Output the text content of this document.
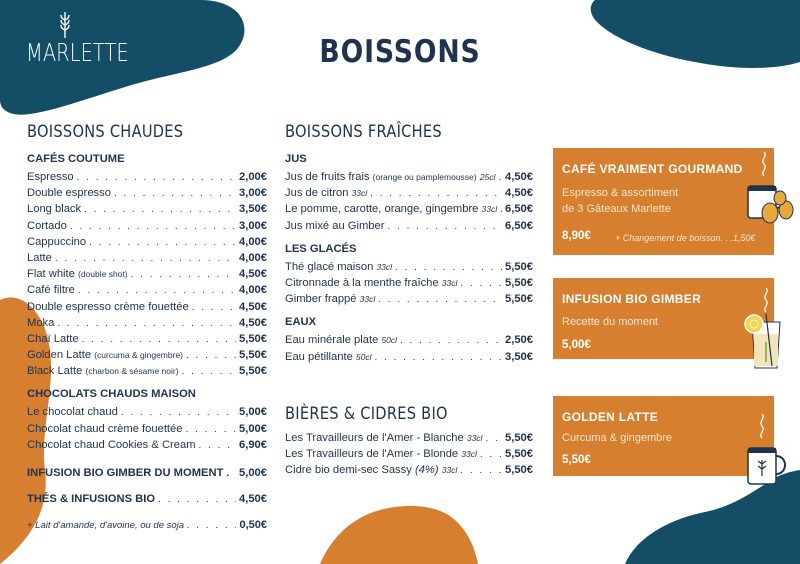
MARLETTE	BOISSONS
BOISSONS CHAUDES
CAFÉS COUTUME
Espresso . . .	2,00€
Double espresso . . .	3,00€
Long black . . .	3,50€
Cortado . . .	3,00€
Cappuccino . . .	4,00€
Latte . . .	4,00€
Flat white (double shot) . . .	4,50€
Café filtre . . .	4,00€
Double espresso crème fouettée . . .	4,50€
Moka . . .	4,50€
Chaï Latte . . .	5,50€
Golden Latte (curcuma & gingembre) . . .	5,50€
Black Latte (charbon & sésame noir) . . .	5,50€
CHOCOLATS CHAUDS MAISON
Le chocolat chaud . . .	5,00€
Chocolat chaud crème fouettée . . .	5,00€
Chocolat chaud Cookies & Cream . . .	6,90€
INFUSION BIO GIMBER DU MOMENT . . . 5,00€
THÉS & INFUSIONS BIO . . .	4,50€
+ Lait d'amande, d'avoine, ou de soja . . .	0,50€
BOISSONS FRAÎCHES
JUS
Jus de fruits frais (orange ou pamplemousse) 25cl . . . 4,50€
Jus de citron 33cl . . .	4,50€
Le pomme, carotte, orange, gingembre 33cl . . . 6,50€
Jus mixé au Gimber . . .	6,50€
LES GLACÉS
Thé glacé maison 33cl . . .	5,50€
Citronnade à la menthe fraîche 33cl . . .	5,50€
Gimber frappé 33cl . . .	5,50€
EAUX
Eau minérale plate 50cl . . .	2,50€
Eau pétillante 50cl . . .	3,50€
BIÈRES & CIDRES BIO
Les Travailleurs de l'Amer - Blanche 33cl . . . 5,50€
Les Travailleurs de l'Amer - Blonde 33cl . . .	5,50€
Cidre bio demi-sec Sassy (4%) 33cl . . .	5,50€
CAFÉ VRAIMENT GOURMAND
Espresso & assortiment
de 3 Gâteaux Marlette
8,90€	+ Changement de boisson. . .1,50€
INFUSION BIO GIMBER
Recette du moment
5,00€
GOLDEN LATTE
Curcuma & gingembre
5,50€
